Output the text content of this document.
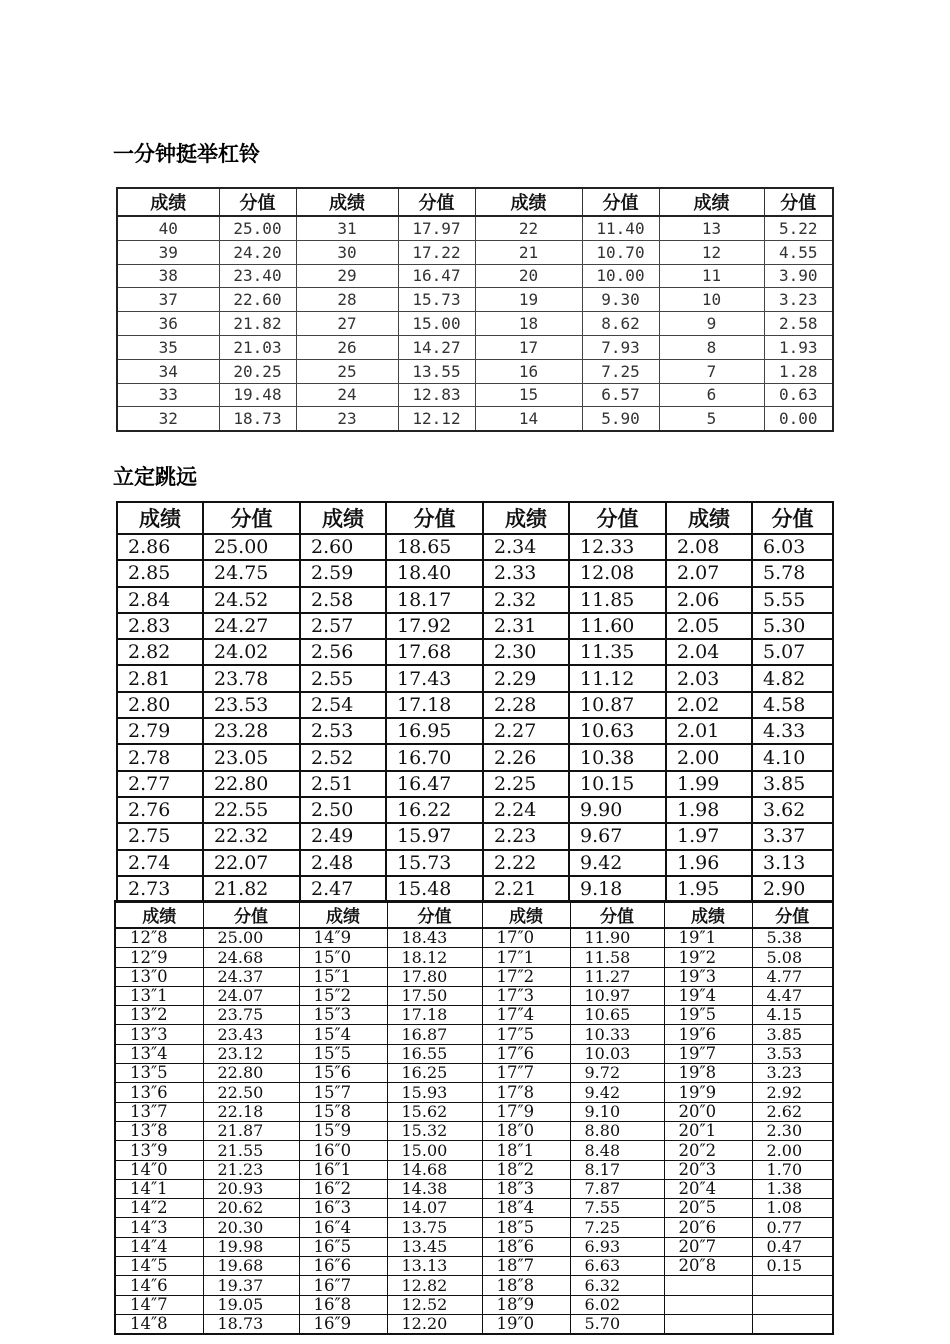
一分钟挺举杠铃
成绩	分值	成绩	分值	成绩	分值	成绩	分值
40	25.00	31	17.97	22	11.40	13	5.22
39	24.20	30	17.22	21	10.70	12	4.55
38	23.40	29	16.47	20	10.00	11	3.90
37	22.60	28	15.73	19	9.30	10	3.23
36	21.82	27	15.00	18	8.62	9	2.58
35	21.03	26	14.27	17	7.93	8	1.93
34	20.25	25	13.55	16	7.25	7	1.28
33	19.48	24	12.83	15	6.57	6	0.63
32	18.73	23	12.12	14	5.90	5	0.00
立定跳远
成绩	分值	成绩	分值	成绩	分值	成绩	分值
2.86	25.00	2.60	18.65	2.34	12.33	2.08	6.03
2.85	24.75	2.59	18.40	2.33	12.08	2.07	5.78
2.84	24.52	2.58	18.17	2.32	11.85	2.06	5.55
2.83	24.27	2.57	17.92	2.31	11.60	2.05	5.30
2.82	24.02	2.56	17.68	2.30	11.35	2.04	5.07
2.81	23.78	2.55	17.43	2.29	11.12	2.03	4.82
2.80	23.53	2.54	17.18	2.28	10.87	2.02	4.58
2.79	23.28	2.53	16.95	2.27	10.63	2.01	4.33
2.78	23.05	2.52	16.70	2.26	10.38	2.00	4.10
2.77	22.80	2.51	16.47	2.25	10.15	1.99	3.85
2.76	22.55	2.50	16.22	2.24	9.90	1.98	3.62
2.75	22.32	2.49	15.97	2.23	9.67	1.97	3.37
2.74	22.07	2.48	15.73	2.22	9.42	1.96	3.13
2.73	21.82	2.47	15.48	2.21	9.18	1.95	2.90
成绩	分值	成绩	分值	成绩	分值	成绩	分值
12″8	25.00	14″9	18.43	17″0	11.90	19″1	5.38
12″9	24.68	15″0	18.12	17″1	11.58	19″2	5.08
13″0	24.37	15″1	17.80	17″2	11.27	19″3	4.77
13″1	24.07	15″2	17.50	17″3	10.97	19″4	4.47
13″2	23.75	15″3	17.18	17″4	10.65	19″5	4.15
13″3	23.43	15″4	16.87	17″5	10.33	19″6	3.85
13″4	23.12	15″5	16.55	17″6	10.03	19″7	3.53
13″5	22.80	15″6	16.25	17″7	9.72	19″8	3.23
13″6	22.50	15″7	15.93	17″8	9.42	19″9	2.92
13″7	22.18	15″8	15.62	17″9	9.10	20″0	2.62
13″8	21.87	15″9	15.32	18″0	8.80	20″1	2.30
13″9	21.55	16″0	15.00	18″1	8.48	20″2	2.00
14″0	21.23	16″1	14.68	18″2	8.17	20″3	1.70
14″1	20.93	16″2	14.38	18″3	7.87	20″4	1.38
14″2	20.62	16″3	14.07	18″4	7.55	20″5	1.08
14″3	20.30	16″4	13.75	18″5	7.25	20″6	0.77
14″4	19.98	16″5	13.45	18″6	6.93	20″7	0.47
14″5	19.68	16″6	13.13	18″7	6.63	20″8	0.15
14″6	19.37	16″7	12.82	18″8	6.32		
14″7	19.05	16″8	12.52	18″9	6.02		
14″8	18.73	16″9	12.20	19″0	5.70		
